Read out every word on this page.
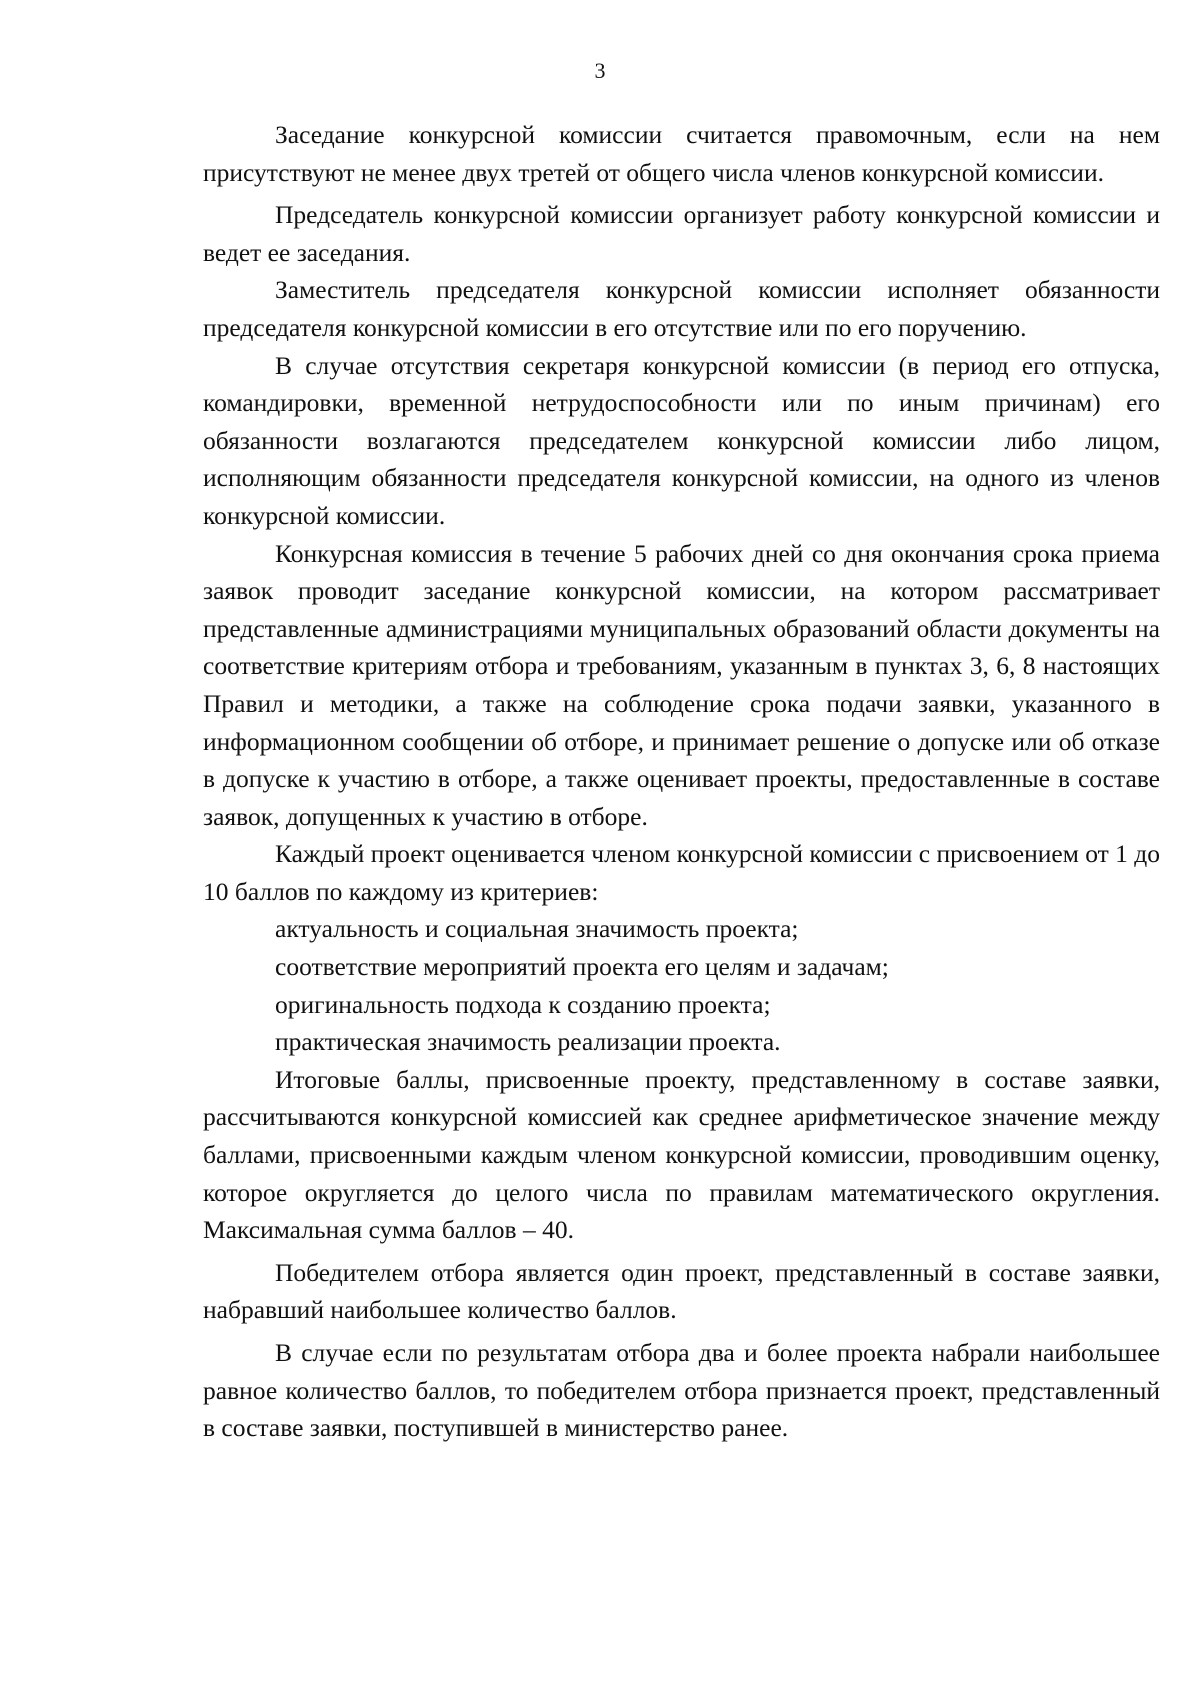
3

Заседание конкурсной комиссии считается правомочным, если на нем присутствуют не менее двух третей от общего числа членов конкурсной комиссии.

Председатель конкурсной комиссии организует работу конкурсной комиссии и ведет ее заседания.

Заместитель председателя конкурсной комиссии исполняет обязанности председателя конкурсной комиссии в его отсутствие или по его поручению.

В случае отсутствия секретаря конкурсной комиссии (в период его отпуска, командировки, временной нетрудоспособности или по иным причинам) его обязанности возлагаются председателем конкурсной комиссии либо лицом, исполняющим обязанности председателя конкурсной комиссии, на одного из членов конкурсной комиссии.

Конкурсная комиссия в течение 5 рабочих дней со дня окончания срока приема заявок проводит заседание конкурсной комиссии, на котором рассматривает представленные администрациями муниципальных образований области документы на соответствие критериям отбора и требованиям, указанным в пунктах 3, 6, 8 настоящих Правил и методики, а также на соблюдение срока подачи заявки, указанного в информационном сообщении об отборе, и принимает решение о допуске или об отказе в допуске к участию в отборе, а также оценивает проекты, предоставленные в составе заявок, допущенных к участию в отборе.

Каждый проект оценивается членом конкурсной комиссии с присвоением от 1 до 10 баллов по каждому из критериев:

актуальность и социальная значимость проекта;

соответствие мероприятий проекта его целям и задачам;

оригинальность подхода к созданию проекта;

практическая значимость реализации проекта.

Итоговые баллы, присвоенные проекту, представленному в составе заявки, рассчитываются конкурсной комиссией как среднее арифметическое значение между баллами, присвоенными каждым членом конкурсной комиссии, проводившим оценку, которое округляется до целого числа по правилам математического округления. Максимальная сумма баллов – 40.

Победителем отбора является один проект, представленный в составе заявки, набравший наибольшее количество баллов.

В случае если по результатам отбора два и более проекта набрали наибольшее равное количество баллов, то победителем отбора признается проект, представленный в составе заявки, поступившей в министерство ранее.
